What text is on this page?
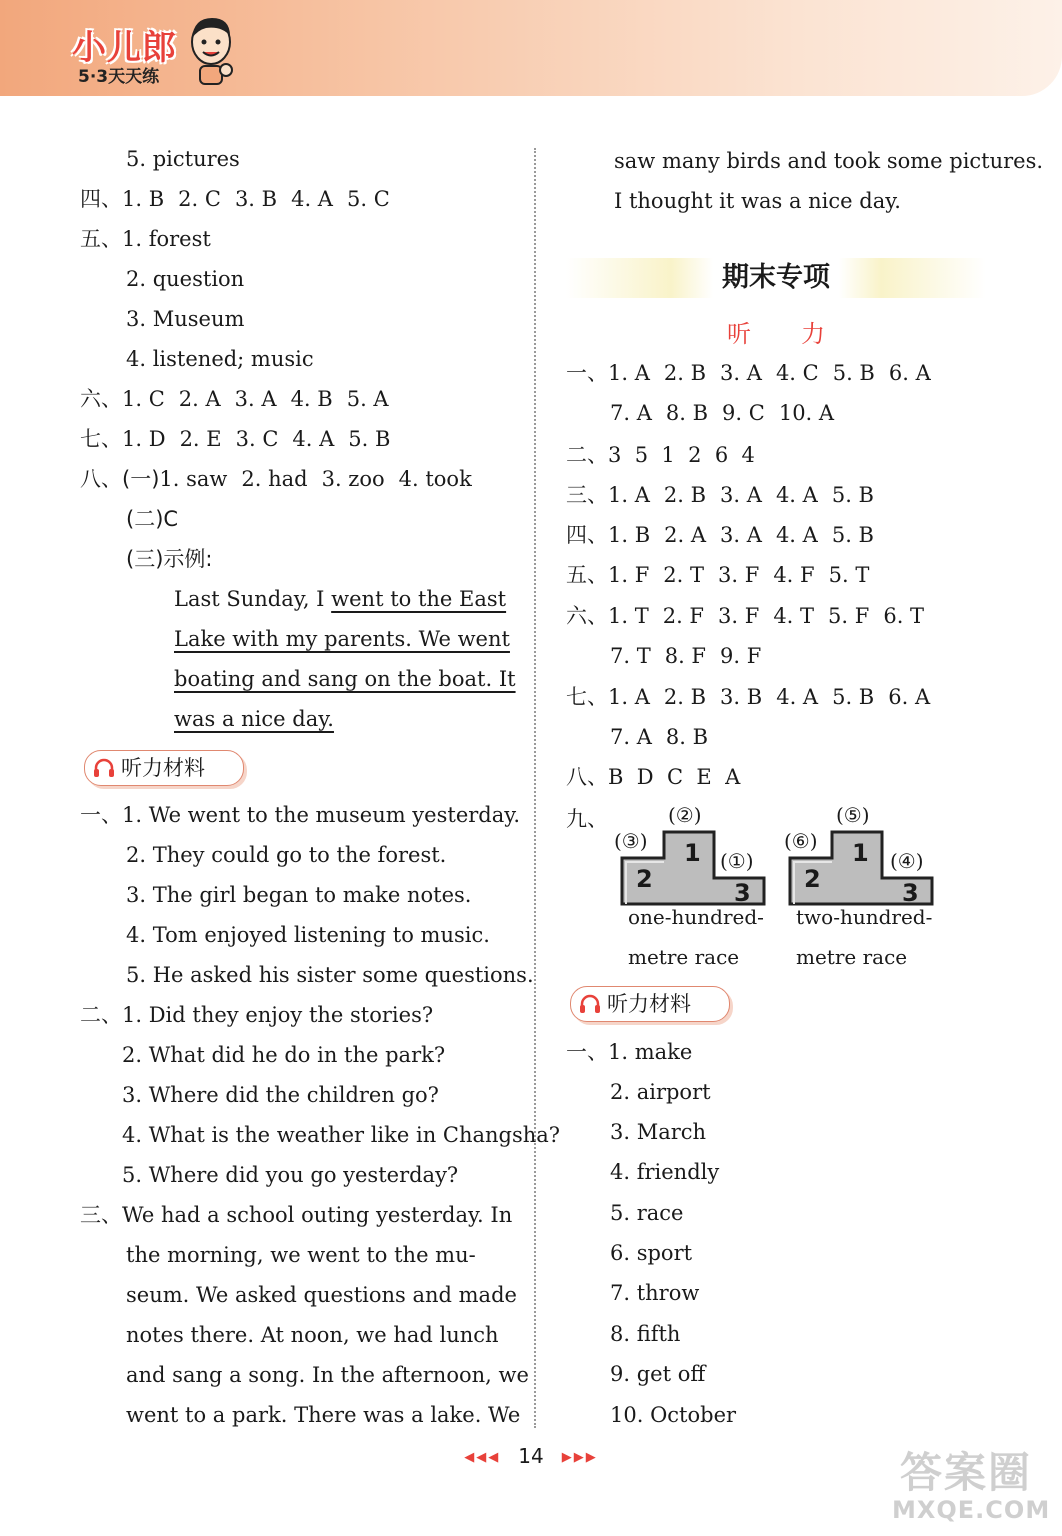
小儿郎
5·3天天练
5. pictures
四、1. B 2. C 3. B 4. A 5. C
五、1. forest
2. question
3. Museum
4. listened; music
六、1. C 2. A 3. A 4. B 5. A
七、1. D 2. E 3. C 4. A 5. B
八、(一)1. saw 2. had 3. zoo 4. took
(二)C
(三)示例:
Last Sunday, I went to the East
Lake with my parents. We went
boating and sang on the boat. It
was a nice day.
听力材料
一、1. We went to the museum yesterday.
2. They could go to the forest.
3. The girl began to make notes.
4. Tom enjoyed listening to music.
5. He asked his sister some questions.
二、1. Did they enjoy the stories?
2. What did he do in the park?
3. Where did the children go?
4. What is the weather like in Changsha?
5. Where did you go yesterday?
三、We had a school outing yesterday. In
the morning, we went to the mu-
seum. We asked questions and made
notes there. At noon, we had lunch
and sang a song. In the afternoon, we
went to a park. There was a lake. We
saw many birds and took some pictures.
I thought it was a nice day.
期末专项
听力
一、1. A 2. B 3. A 4. C 5. B 6. A
7. A 8. B 9. C 10. A
二、3  5  1  2  6  4
三、1. A 2. B 3. A 4. A 5. B
四、1. B 2. A 3. A 4. A 5. B
五、1. F 2. T 3. F 4. F 5. T
六、1. T 2. F 3. F 4. T 5. F 6. T
7. T 8. F 9. F
七、1. A 2. B 3. B 4. A 5. B 6. A
7. A 8. B
八、B  D  C  E  A
九、	(②)
(③)
(①)
1
2	3
one-hundred-
metre race
(⑤)
(⑥)
(④)
1
2	3
two-hundred-
metre race
听力材料
一、1. make
2. airport
3. March
4. friendly
5. race
6. sport
7. throw
8. fifth
9. get off
10. October
◀◀◀ 14 ▶▶▶	答案圈
MXQE.COM
